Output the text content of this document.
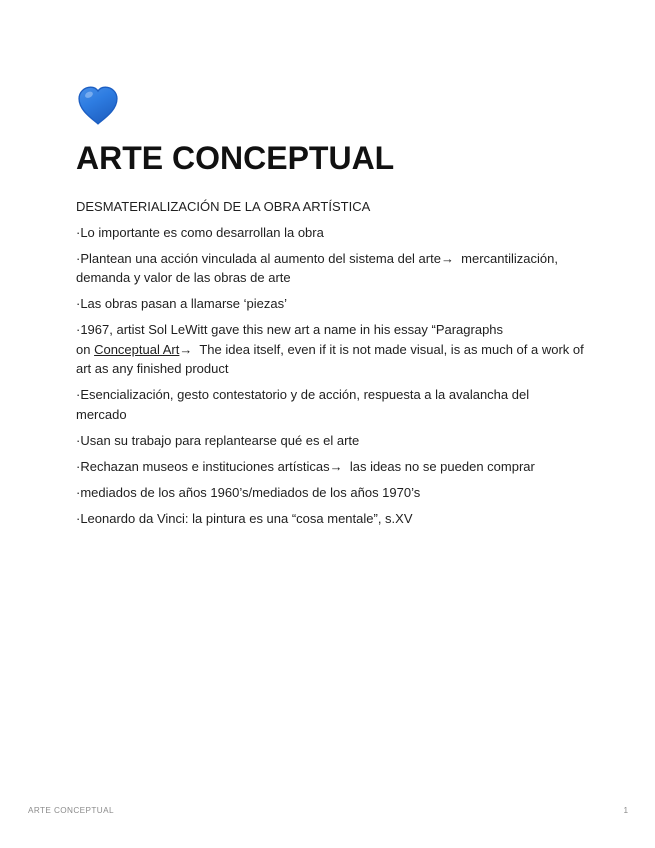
ARTE CONCEPTUAL

DESMATERIALIZACIÓN DE LA OBRA ARTÍSTICA

·Lo importante es como desarrollan la obra

·Plantean una acción vinculada al aumento del sistema del arte→  mercantilización,
demanda y valor de las obras de arte

·Las obras pasan a llamarse ‘piezas’

·1967, artist Sol LeWitt gave this new art a name in his essay “Paragraphs
on Conceptual Art→  The idea itself, even if it is not made visual, is as much of a work of
art as any finished product

·Esencialización, gesto contestatorio y de acción, respuesta a la avalancha del
mercado

·Usan su trabajo para replantearse qué es el arte

·Rechazan museos e instituciones artísticas→  las ideas no se pueden comprar

·mediados de los años 1960’s/mediados de los años 1970’s

·Leonardo da Vinci: la pintura es una “cosa mentale”, s.XV

ARTE CONCEPTUAL	1
